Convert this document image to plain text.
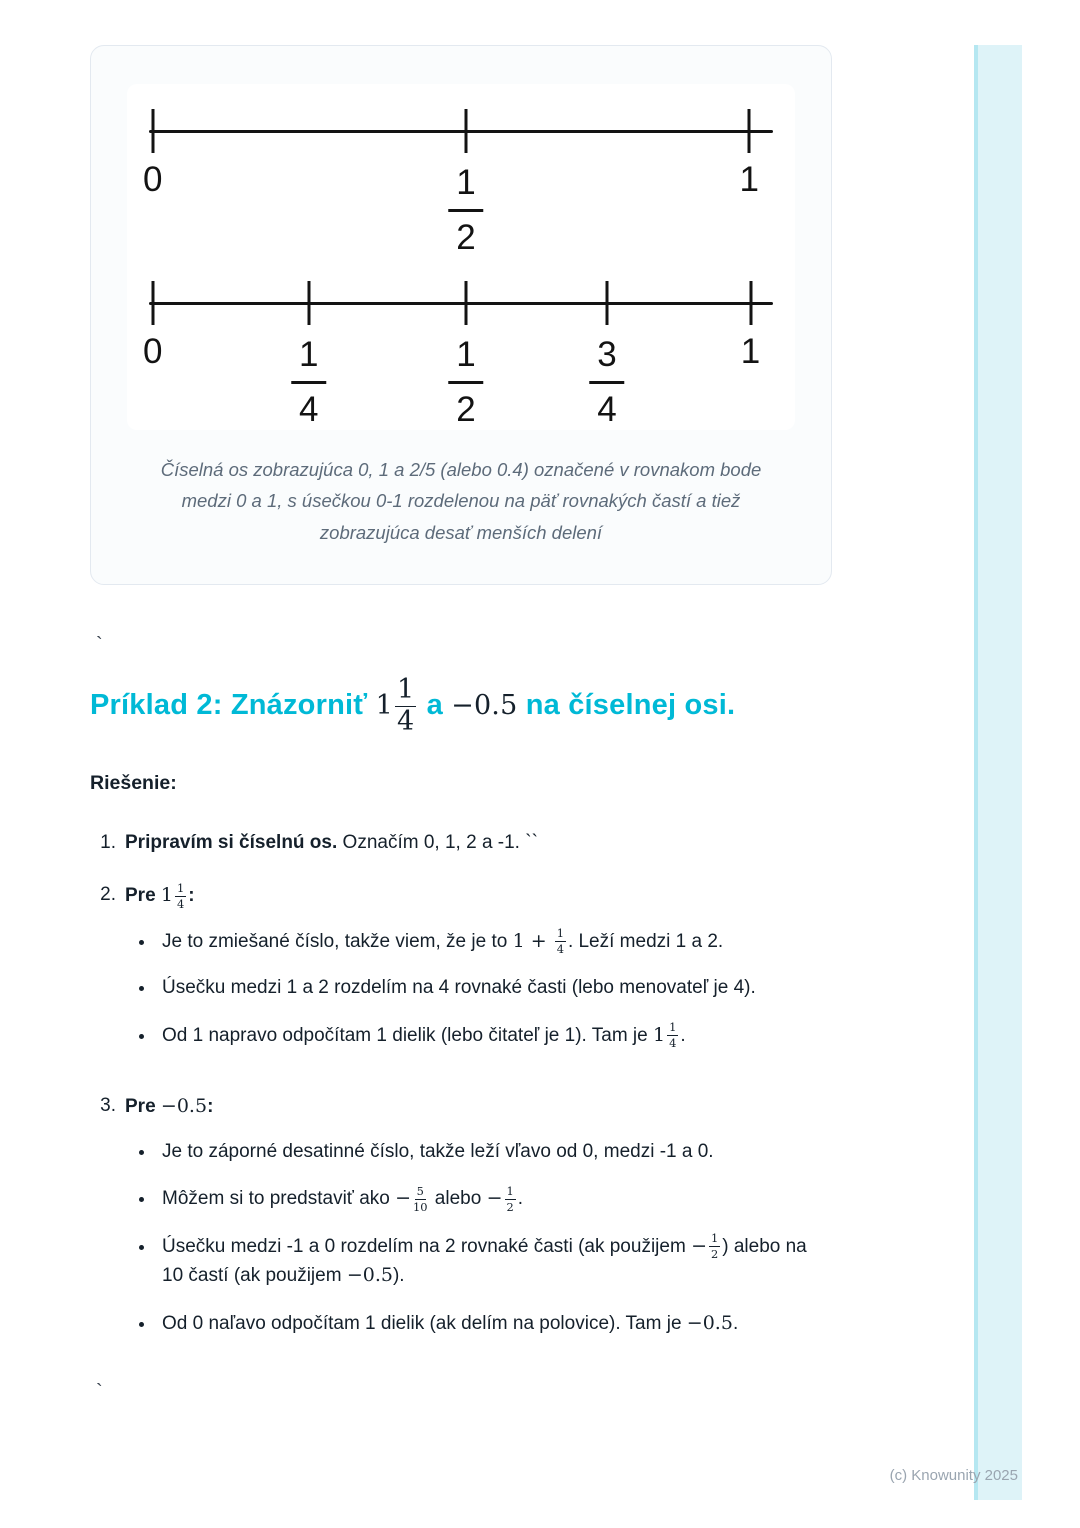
0	$\frac{1}{2}$	1
0	$\frac{1}{4}$	$\frac{1}{2}$	$\frac{3}{4}$	1

Číselná os zobrazujúca 0, 1 a 2/5 (alebo 0.4) označené v rovnakom bode medzi 0 a 1, s úsečkou 0-1 rozdelenou na päť rovnakých častí a tiež zobrazujúca desať menších delení

`
Príklad 2: Znázorniť $1 \frac{1}{4}$ a −0.5 na číselnej osi.

Riešenie:

1. Pripravím si číselnú os. Označím 0, 1, 2 a -1. ``
2. Pre $1 \frac{1}{4}$ :
• Je to zmiešané číslo, takže viem, že je to $1 + \frac{1}{4}$ . Leží medzi 1 a 2.
• Úsečku medzi 1 a 2 rozdelím na 4 rovnaké časti (lebo menovateľ je 4).
• Od 1 napravo odpočítam 1 dielik (lebo čitateľ je 1). Tam je $1 \frac{1}{4}$ .
3. Pre −0.5:
• Je to záporné desatinné číslo, takže leží vľavo od 0, medzi -1 a 0.
• Môžem si to predstaviť ako − $\frac{5}{10}$ alebo − $\frac{1}{2}$ .
• Úsečku medzi -1 a 0 rozdelím na 2 rovnaké časti (ak použijem − $\frac{1}{2}$ ) alebo na 10 častí (ak použijem −0.5).
• Od 0 naľavo odpočítam 1 dielik (ak delím na polovice). Tam je −0.5.
`
(c) Knowunity 2025
